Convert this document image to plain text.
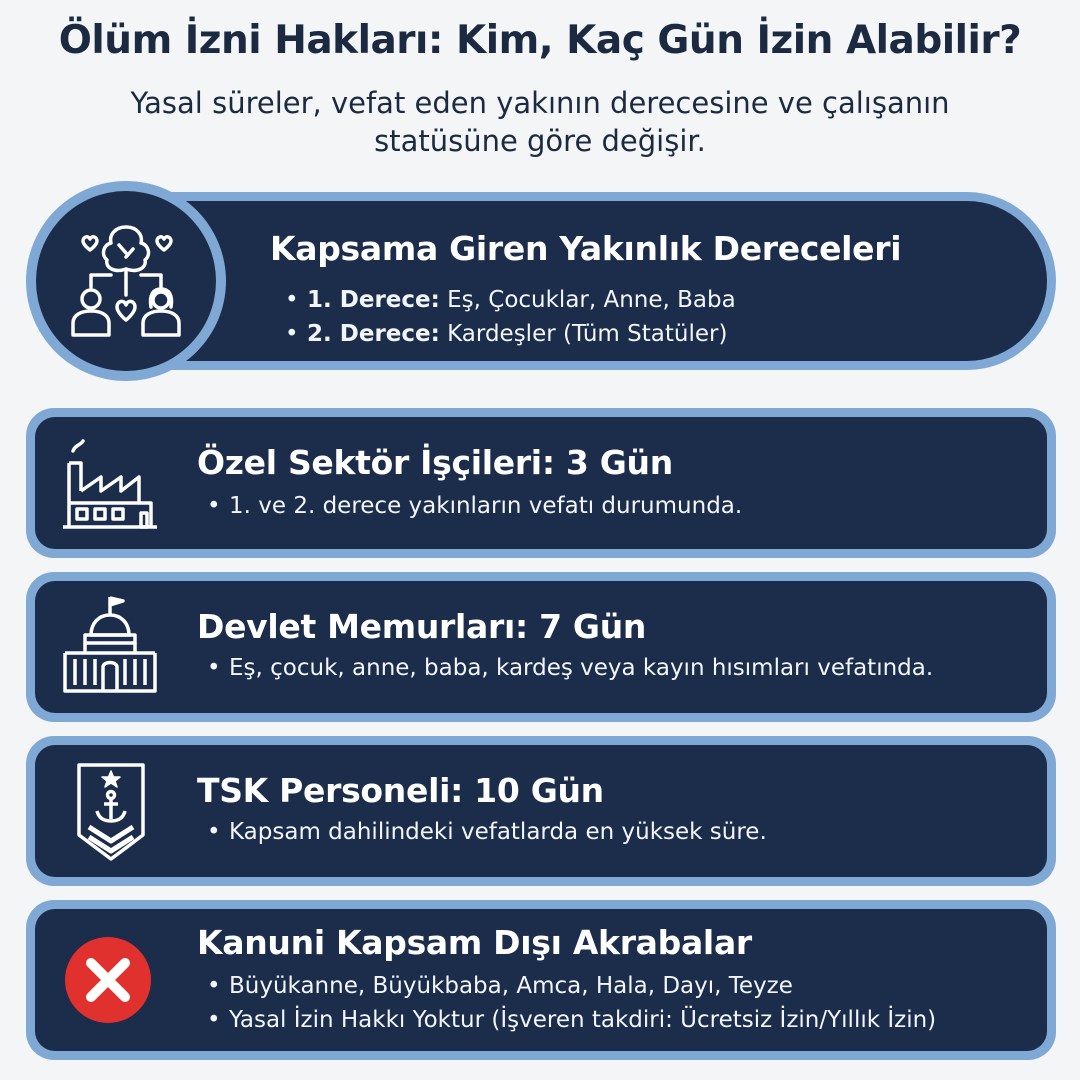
Ölüm İzni Hakları: Kim, Kaç Gün İzin Alabilir?
Yasal süreler, vefat eden yakının derecesine ve çalışanın statüsüne göre değişir.
Kapsama Giren Yakınlık Dereceleri
• 1. Derece: Eş, Çocuklar, Anne, Baba
• 2. Derece: Kardeşler (Tüm Statüler)
Özel Sektör İşçileri: 3 Gün
• 1. ve 2. derece yakınların vefatı durumunda.
Devlet Memurları: 7 Gün
• Eş, çocuk, anne, baba, kardeş veya kayın hısımları vefatında.
TSK Personeli: 10 Gün
• Kapsam dahilindeki vefatlarda en yüksek süre.
Kanuni Kapsam Dışı Akrabalar
• Büyükanne, Büyükbaba, Amca, Hala, Dayı, Teyze
• Yasal İzin Hakkı Yoktur (İşveren takdiri: Ücretsiz İzin/Yıllık İzin)
